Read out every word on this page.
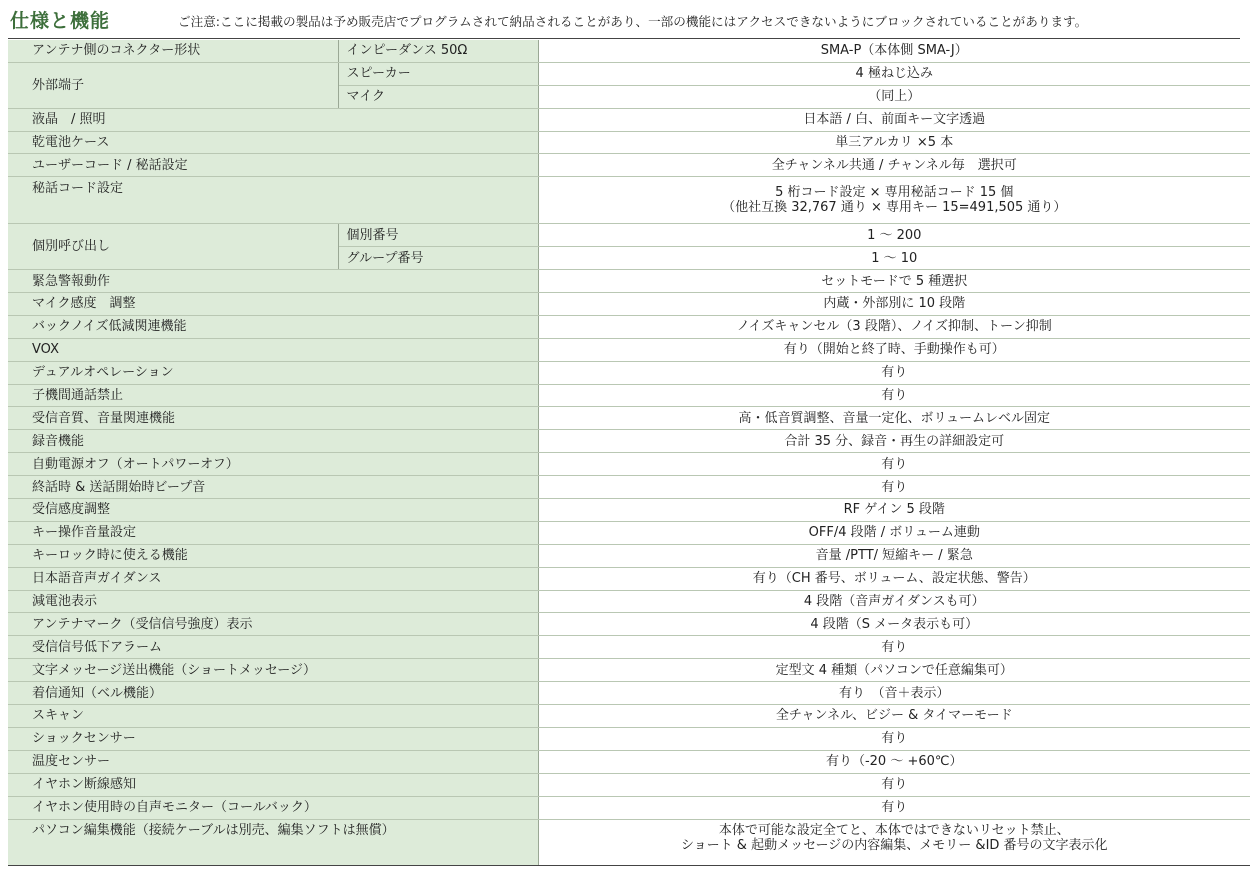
仕様と機能	ご注意:ここに掲載の製品は予め販売店でプログラムされて納品されることがあり、一部の機能にはアクセスできないようにブロックされていることがあります。
アンテナ側のコネクター形状	インピーダンス 50Ω	SMA-P（本体側 SMA-J）
外部端子	スピーカー	4 極ねじ込み
	マイク	（同上）
液晶　/ 照明		日本語 / 白、前面キー文字透過
乾電池ケース		単三アルカリ ×5 本
ユーザーコード / 秘話設定		全チャンネル共通 / チャンネル毎　選択可
秘話コード設定		5 桁コード設定 × 専用秘話コード 15 個
（他社互換 32,767 通り × 専用キー 15=491,505 通り）

個別呼び出し	個別番号	1 ～ 200
	グループ番号	1 ～ 10
緊急警報動作		セットモードで 5 種選択
マイク感度　調整		内蔵・外部別に 10 段階
バックノイズ低減関連機能		ノイズキャンセル（3 段階）、ノイズ抑制、トーン抑制
VOX		有り（開始と終了時、手動操作も可）
デュアルオペレーション		有り
子機間通話禁止		有り
受信音質、音量関連機能		高・低音質調整、音量一定化、ボリュームレベル固定
録音機能		合計 35 分、録音・再生の詳細設定可
自動電源オフ（オートパワーオフ）		有り
終話時 & 送話開始時ビープ音		有り
受信感度調整		RF ゲイン 5 段階
キー操作音量設定		OFF/4 段階 / ボリューム連動
キーロック時に使える機能		音量 /PTT/ 短縮キー / 緊急
日本語音声ガイダンス		有り（CH 番号、ボリューム、設定状態、警告）
減電池表示		4 段階（音声ガイダンスも可）
アンテナマーク（受信信号強度）表示		4 段階（S メータ表示も可）
受信信号低下アラーム		有り
文字メッセージ送出機能（ショートメッセージ）		定型文 4 種類（パソコンで任意編集可）
着信通知（ベル機能）		有り　（音＋表示）
スキャン		全チャンネル、ビジー & タイマーモード
ショックセンサー		有り
温度センサー		有り（-20 ～ +60℃）
イヤホン断線感知		有り
イヤホン使用時の自声モニター（コールバック）		有り
パソコン編集機能（接続ケーブルは別売、編集ソフトは無償）		本体で可能な設定全てと、本体ではできないリセット禁止、
ショート & 起動メッセージの内容編集、メモリー &ID 番号の文字表示化
